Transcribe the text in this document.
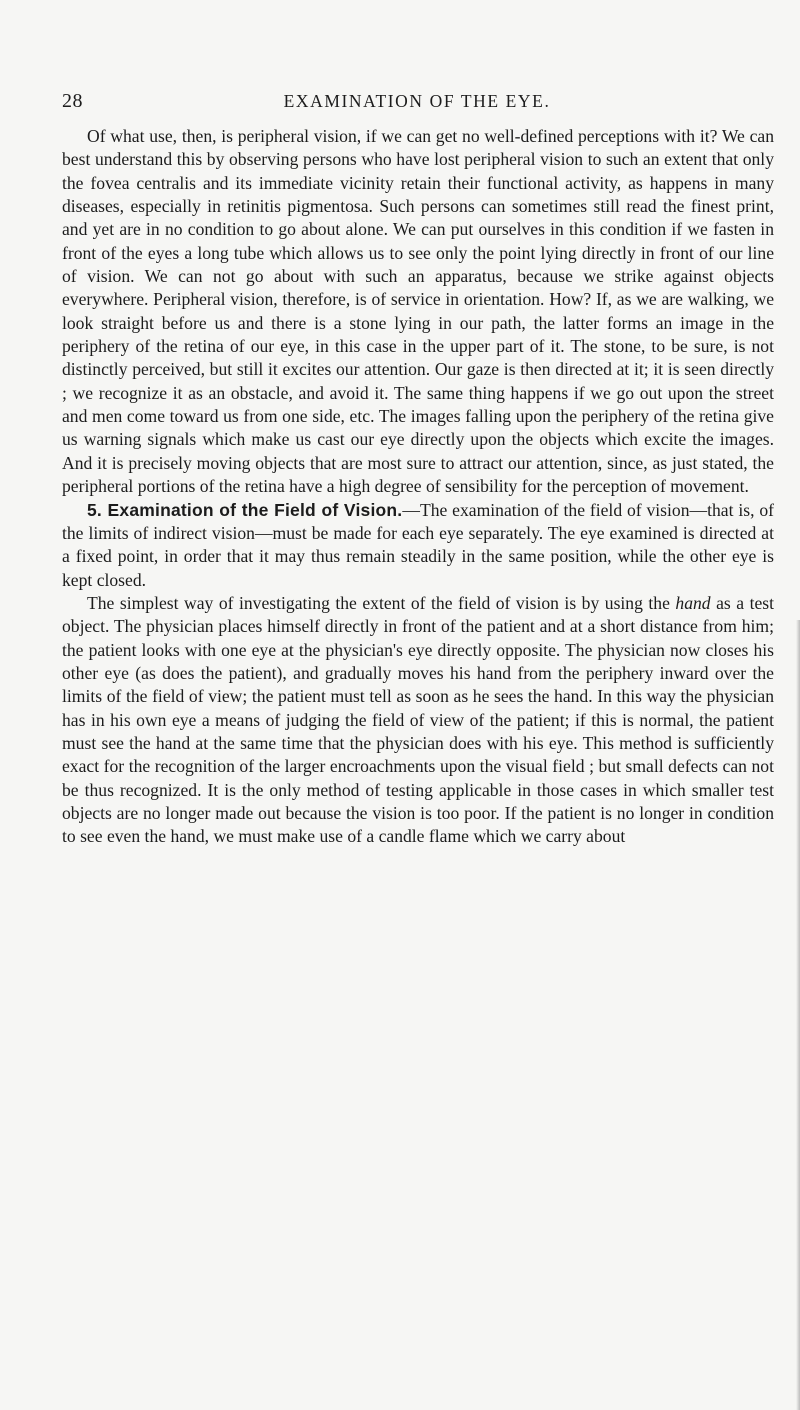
28	EXAMINATION OF THE EYE.

Of what use, then, is peripheral vision, if we can get no well-defined perceptions with it? We can best understand this by observing persons who have lost peripheral vision to such an extent that only the fovea centralis and its immediate vicinity retain their functional activity, as happens in many diseases, especially in retinitis pigmentosa. Such persons can sometimes still read the finest print, and yet are in no condition to go about alone. We can put ourselves in this condition if we fasten in front of the eyes a long tube which allows us to see only the point lying directly in front of our line of vision. We can not go about with such an apparatus, because we strike against objects everywhere. Peripheral vision, therefore, is of service in orientation. How? If, as we are walking, we look straight before us and there is a stone lying in our path, the latter forms an image in the periphery of the retina of our eye, in this case in the upper part of it. The stone, to be sure, is not distinctly perceived, but still it excites our attention. Our gaze is then directed at it; it is seen directly ; we recognize it as an obstacle, and avoid it. The same thing happens if we go out upon the street and men come toward us from one side, etc. The images falling upon the periphery of the retina give us warning signals which make us cast our eye directly upon the objects which excite the images. And it is precisely moving objects that are most sure to attract our attention, since, as just stated, the peripheral portions of the retina have a high degree of sensibility for the perception of movement.

5. Examination of the Field of Vision.—The examination of the field of vision—that is, of the limits of indirect vision—must be made for each eye separately. The eye examined is directed at a fixed point, in order that it may thus remain steadily in the same position, while the other eye is kept closed.

The simplest way of investigating the extent of the field of vision is by using the hand as a test object. The physician places himself directly in front of the patient and at a short distance from him; the patient looks with one eye at the physician's eye directly opposite. The physician now closes his other eye (as does the patient), and gradually moves his hand from the periphery inward over the limits of the field of view; the patient must tell as soon as he sees the hand. In this way the physician has in his own eye a means of judging the field of view of the patient; if this is normal, the patient must see the hand at the same time that the physician does with his eye. This method is sufficiently exact for the recognition of the larger encroachments upon the visual field ; but small defects can not be thus recognized. It is the only method of testing applicable in those cases in which smaller test objects are no longer made out because the vision is too poor. If the patient is no longer in condition to see even the hand, we must make use of a candle flame which we carry about
